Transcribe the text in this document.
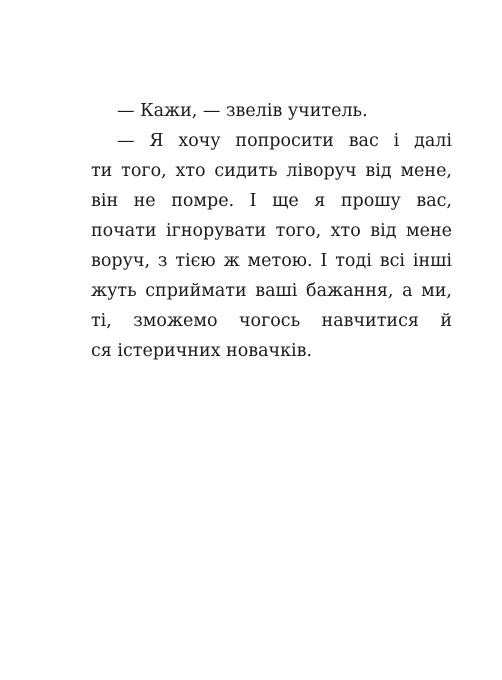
— Кажи, — звелів учитель.
— Я хочу попросити вас і далі
ти того, хто сидить ліворуч від мене,
він не помре. І ще я прошу вас,
почати ігнорувати того, хто від мене
воруч, з тією ж метою. І тоді всі інші
жуть сприймати ваші бажання, а ми,
ті, зможемо чогось навчитися й
ся істеричних новачків.
